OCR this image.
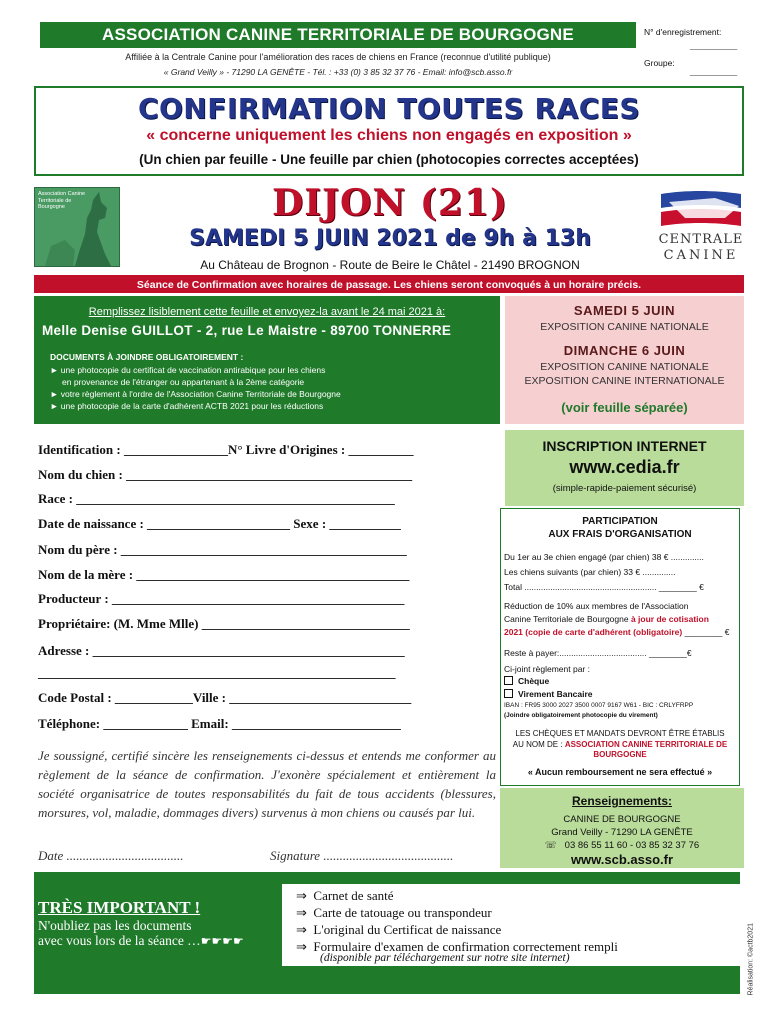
ASSOCIATION CANINE TERRITORIALE DE BOURGOGNE
Affiliée à la Centrale Canine pour l'amélioration des races de chiens en France (reconnue d'utilité publique)
« Grand Veilly » - 71290 LA GENÊTE - Tél. : +33 (0) 3 85 32 37 76 - Email: info@scb.asso.fr
N° d'enregistrement:
__________
Groupe:
__________
CONFIRMATION TOUTES RACES
« concerne uniquement les chiens non engagés en exposition »
(Un chien par feuille - Une feuille par chien (photocopies correctes acceptées)
Association Canine Territoriale de Bourgogne
CENTRALE
CANINE
DIJON (21)
SAMEDI 5 JUIN 2021 de 9h à 13h
Au Château de Brognon - Route de Beire le Châtel - 21490 BROGNON
Séance de Confirmation avec horaires de passage. Les chiens seront convoqués à un horaire précis.
Remplissez lisiblement cette feuille et envoyez-la avant le 24 mai 2021 à:
Melle Denise GUILLOT - 2, rue Le Maistre - 89700 TONNERRE
DOCUMENTS À JOINDRE OBLIGATOIREMENT :
► une photocopie du certificat de vaccination antirabique pour les chiens
en provenance de l'étranger ou appartenant à la 2ème catégorie
► votre règlement à l'ordre de l'Association Canine Territoriale de Bourgogne
► une photocopie de la carte d'adhérent ACTB 2021 pour les réductions
SAMEDI 5 JUIN
EXPOSITION CANINE NATIONALE
DIMANCHE 6 JUIN
EXPOSITION CANINE NATIONALE
EXPOSITION CANINE INTERNATIONALE
(voir feuille séparée)
Identification : ________________N° Livre d'Origines : __________
Nom du chien : ____________________________________________
Race : _________________________________________________
Date de naissance : ______________________ Sexe : ___________
Nom du père : ____________________________________________
Nom de la mère : __________________________________________
Producteur : _____________________________________________
Propriétaire: (M. Mme Mlle) ________________________________
Adresse : ________________________________________________
_______________________________________________________
Code Postal : ____________Ville : ____________________________
Téléphone: _____________ Email: __________________________
Je soussigné, certifié sincère les renseignements ci-dessus et entends me conformer au règlement de la séance de confirmation. J'exonère spécialement et entièrement la société organisatrice de toutes responsabilités du fait de tous accidents (blessures, morsures, vol, maladie, dommages divers) survenus à mon chiens ou causés par lui.
Date ....................................	Signature ........................................
INSCRIPTION INTERNET
www.cedia.fr
(simple-rapide-paiement sécurisé)
PARTICIPATION
AUX FRAIS D'ORGANISATION
Du 1er au 3e chien engagé (par chien) 38 € ..............
Les chiens suivants (par chien) 33 € ..............
Total ........................................................ ________ €
Réduction de 10% aux membres de l'Association
Canine Territoriale de Bourgogne à jour de cotisation
2021 (copie de carte d'adhérent (obligatoire) ________ €
Reste à payer:..................................... ________€
Ci-joint règlement par :
Chèque
Virement Bancaire
IBAN : FR95 3000 2027 3500 0007 9167 W61 - BIC : CRLYFRPP
(Joindre obligatoirement photocopie du virement)
LES CHÈQUES ET MANDATS DEVRONT ÊTRE ÉTABLIS
AU NOM DE : ASSOCIATION CANINE TERRITORIALE DE BOURGOGNE
« Aucun remboursement ne sera effectué »
Renseignements:
CANINE DE BOURGOGNE
Grand Veilly - 71290 LA GENÊTE
☏ 03 86 55 11 60 - 03 85 32 37 76
www.scb.asso.fr
TRÈS IMPORTANT !
N'oubliez pas les documents
avec vous lors de la séance …☛☛☛☛
⇒ Carnet de santé
⇒ Carte de tatouage ou transpondeur
⇒ L'original du Certificat de naissance
⇒ Formulaire d'examen de confirmation correctement rempli
(disponible par téléchargement sur notre site internet)	Réalisation: ©actb2021
